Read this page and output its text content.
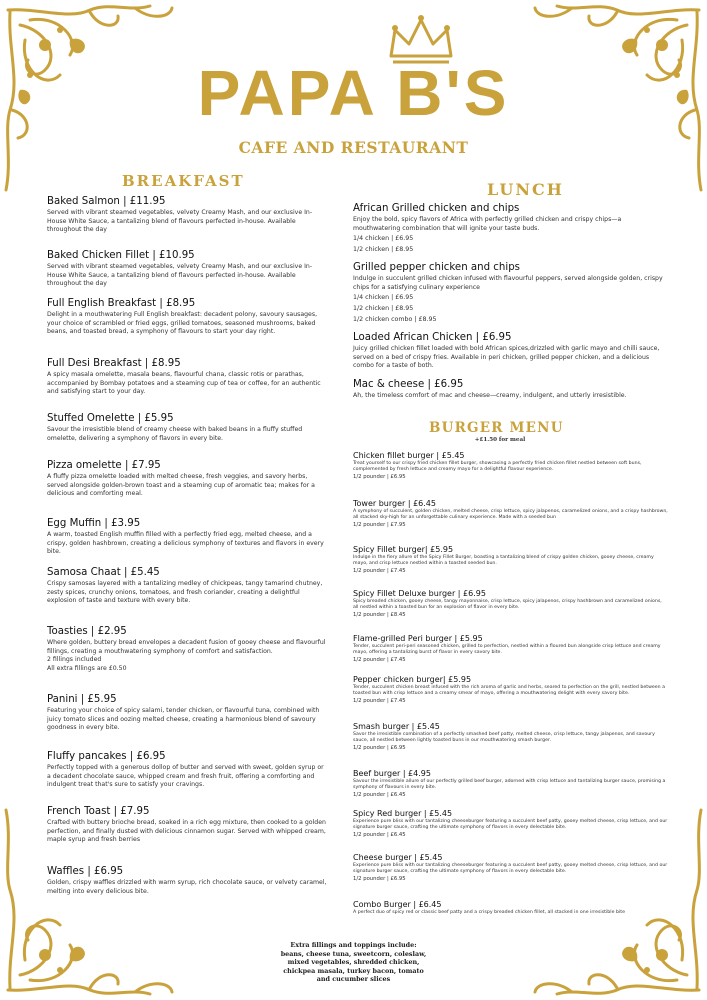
PAPA B'S
CAFE AND RESTAURANT
BREAKFAST
Baked Salmon | £11.95
Served with vibrant steamed vegetables, velvety Creamy Mash, and our exclusive In-House White Sauce, a tantalizing blend of flavours perfected in-house. Available throughout the day
Baked Chicken Fillet | £10.95
Served with vibrant steamed vegetables, velvety Creamy Mash, and our exclusive In-House White Sauce, a tantalizing blend of flavours perfected in-house. Available throughout the day
Full English Breakfast | £8.95
Delight in a mouthwatering Full English breakfast: decadent polony, savoury sausages, your choice of scrambled or fried eggs, grilled tomatoes, seasoned mushrooms, baked beans, and toasted bread, a symphony of flavours to start your day right.
Full Desi Breakfast | £8.95
A spicy masala omelette, masala beans, flavourful chana, classic rotis or parathas, accompanied by Bombay potatoes and a steaming cup of tea or coffee, for an authentic and satisfying start to your day.
Stuffed Omelette | £5.95
Savour the irresistible blend of creamy cheese with baked beans in a fluffy stuffed omelette, delivering a symphony of flavors in every bite.
Pizza omelette | £7.95
A fluffy pizza omelette loaded with melted cheese, fresh veggies, and savory herbs, served alongside golden-brown toast and a steaming cup of aromatic tea; makes for a delicious and comforting meal.
Egg Muffin | £3.95
A warm, toasted English muffin filled with a perfectly fried egg, melted cheese, and a crispy, golden hashbrown, creating a delicious symphony of textures and flavors in every bite.
Samosa Chaat | £5.45
Crispy samosas layered with a tantalizing medley of chickpeas, tangy tamarind chutney, zesty spices, crunchy onions, tomatoes, and fresh coriander, creating a delightful explosion of taste and texture with every bite.
Toasties | £2.95
Where golden, buttery bread envelopes a decadent fusion of gooey cheese and flavourful fillings, creating a mouthwatering symphony of comfort and satisfaction.
2 fillings included
All extra fillings are £0.50
Panini | £5.95
Featuring your choice of spicy salami, tender chicken, or flavourful tuna, combined with juicy tomato slices and oozing melted cheese, creating a harmonious blend of savoury goodness in every bite.
Fluffy pancakes | £6.95
Perfectly topped with a generous dollop of butter and served with sweet, golden syrup or a decadent chocolate sauce, whipped cream and fresh fruit, offering a comforting and indulgent treat that's sure to satisfy your cravings.
French Toast | £7.95
Crafted with buttery brioche bread, soaked in a rich egg mixture, then cooked to a golden perfection, and finally dusted with delicious cinnamon sugar. Served with whipped cream, maple syrup and fresh berries
Waffles | £6.95
Golden, crispy waffles drizzled with warm syrup, rich chocolate sauce, or velvety caramel, melting into every delicious bite.
LUNCH
African Grilled chicken and chips
Enjoy the bold, spicy flavors of Africa with perfectly grilled chicken and crispy chips—a mouthwatering combination that will ignite your taste buds.
1/4 chicken | £6.95
1/2 chicken | £8.95
Grilled pepper chicken and chips
Indulge in succulent grilled chicken infused with flavourful peppers, served alongside golden, crispy chips for a satisfying culinary experience
1/4 chicken | £6.95
1/2 chicken | £8.95
1/2 chicken combo | £8.95
Loaded African Chicken | £6.95
Juicy grilled chicken fillet loaded with bold African spices,drizzled with garlic mayo and chilli sauce, served on a bed of crispy fries. Available in peri chicken, grilled pepper chicken, and a delicious combo for a taste of both.
Mac & cheese | £6.95
Ah, the timeless comfort of mac and cheese—creamy, indulgent, and utterly irresistible.
BURGER MENU
+£1.50 for meal
Chicken fillet burger | £5.45
Treat yourself to our crispy fried chicken fillet burger, showcasing a perfectly fried chicken fillet nestled between soft buns, complemented by fresh lettuce and creamy mayo for a delightful flavour experience.
1/2 pounder | £6.95
Tower burger | £6.45
A symphony of succulent, golden chicken, melted cheese, crisp lettuce, spicy jalapenos, caramelized onions, and a crispy hashbrown, all stacked sky-high for an unforgettable culinary experience. Made with a seeded bun
1/2 pounder | £7.95
Spicy Fillet burger| £5.95
Indulge in the fiery allure of the Spicy Fillet Burger, boasting a tantalizing blend of crispy golden chicken, gooey cheese, creamy mayo, and crisp lettuce nestled within a toasted seeded bun.
1/2 pounder | £7.45
Spicy Fillet Deluxe burger | £6.95
Spicy breaded chicken, gooey cheese, tangy mayonnaise, crisp lettuce, spicy jalapenos, crispy hashbrown and caramelized onions, all nestled within a toasted bun for an explosion of flavor in every bite.
1/2 pounder | £8.45
Flame-grilled Peri burger | £5.95
Tender, succulent peri-peri seasoned chicken, grilled to perfection, nestled within a floured bun alongside crisp lettuce and creamy mayo, offering a tantalizing burst of flavor in every savory bite.
1/2 pounder | £7.45
Pepper chicken burger| £5.95
Tender, succulent chicken breast infused with the rich aroma of garlic and herbs, seared to perfection on the grill, nestled between a toasted bun with crisp lettuce and a creamy smear of mayo, offering a mouthwatering delight with every savory bite.
1/2 pounder | £7.45
Smash burger | £5.45
Savor the irresistible combination of a perfectly smashed beef patty, melted cheese, crisp lettuce, tangy jalapenos, and savoury sauce, all nestled between lightly toasted buns in our mouthwatering smash burger.
1/2 pounder | £6.95
Beef burger | £4.95
Savour the irresistible allure of our perfectly grilled beef burger, adorned with crisp lettuce and tantalizing burger sauce, promising a symphony of flavours in every bite.
1/2 pounder | £6.45
Spicy Red burger | £5.45
Experience pure bliss with our tantalizing cheeseburger featuring a succulent beef patty, gooey melted cheese, crisp lettuce, and our signature burger sauce, crafting the ultimate symphony of flavors in every delectable bite.
1/2 pounder | £6.45
Cheese burger | £5.45
Experience pure bliss with our tantalizing cheeseburger featuring a succulent beef patty, gooey melted cheese, crisp lettuce, and our signature burger sauce, crafting the ultimate symphony of flavors in every delectable bite.
1/2 pounder | £6.95
Combo Burger | £6.45
A perfect duo of spicy red or classic beef patty and a crispy breaded chicken fillet, all stacked in one irresistible bite
Extra fillings and toppings include:
beans, cheese tuna, sweetcorn, coleslaw,
mixed vegetables, shredded chicken,
chickpea masala, turkey bacon, tomato
and cucumber slices
